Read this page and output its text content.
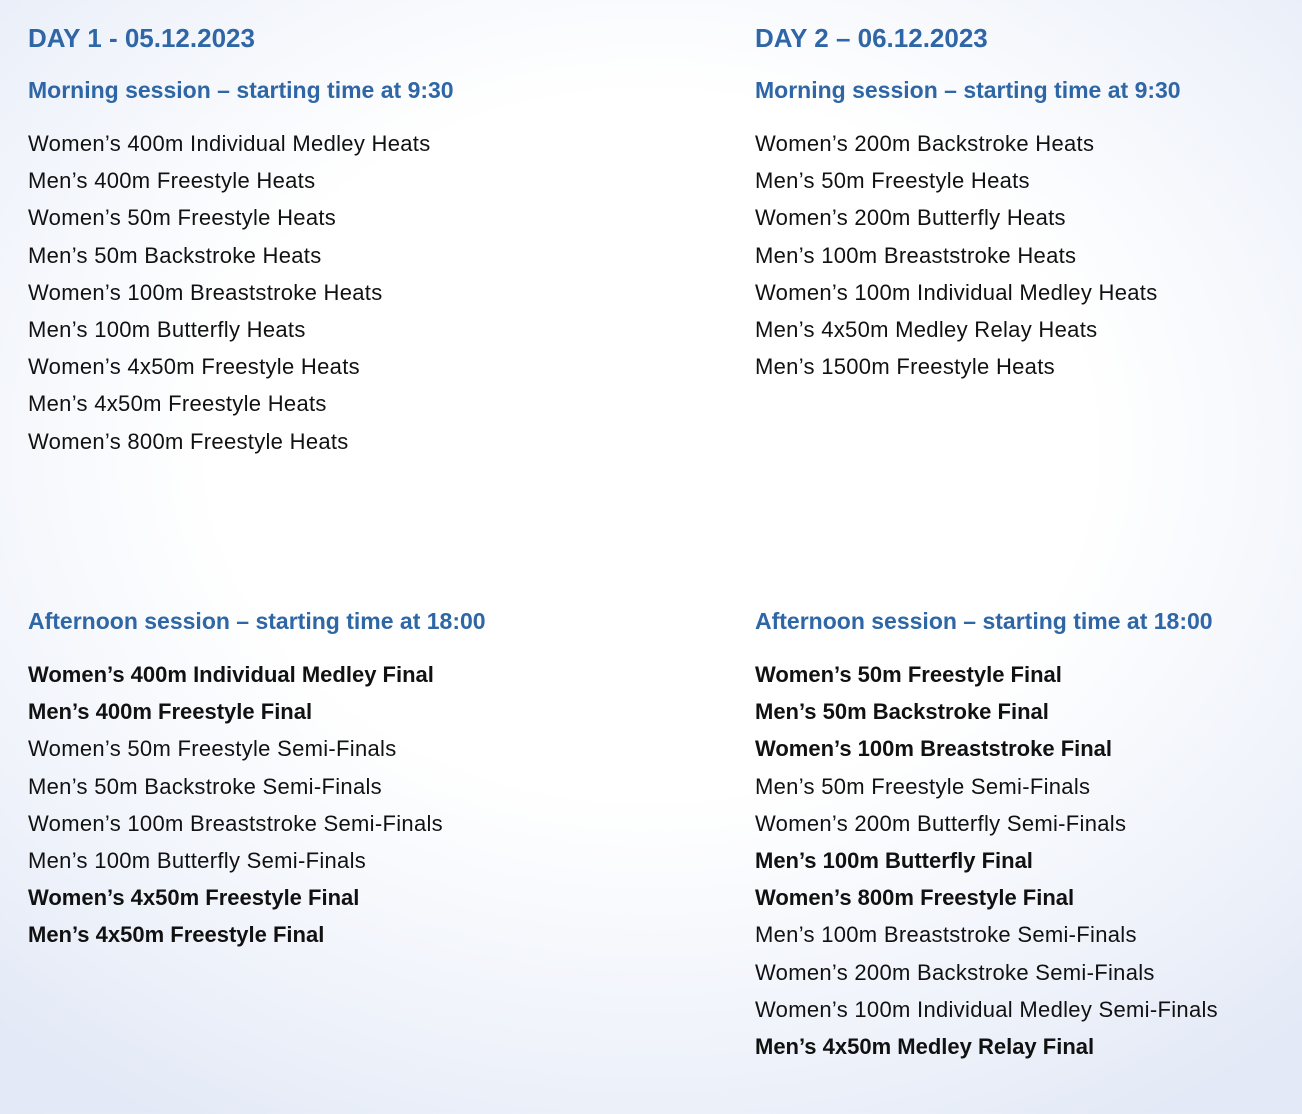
DAY 1 - 05.12.2023
Morning session – starting time at 9:30
Women’s 400m Individual Medley Heats
Men’s 400m Freestyle Heats
Women’s 50m Freestyle Heats
Men’s 50m Backstroke Heats
Women’s 100m Breaststroke Heats
Men’s 100m Butterfly Heats
Women’s 4x50m Freestyle Heats
Men’s 4x50m Freestyle Heats
Women’s 800m Freestyle Heats
Afternoon session – starting time at 18:00
Women’s 400m Individual Medley Final
Men’s 400m Freestyle Final
Women’s 50m Freestyle Semi-Finals
Men’s 50m Backstroke Semi-Finals
Women’s 100m Breaststroke Semi-Finals
Men’s 100m Butterfly Semi-Finals
Women’s 4x50m Freestyle Final
Men’s 4x50m Freestyle Final
DAY 2 – 06.12.2023
Morning session – starting time at 9:30
Women’s 200m Backstroke Heats
Men’s 50m Freestyle Heats
Women’s 200m Butterfly Heats
Men’s 100m Breaststroke Heats
Women’s 100m Individual Medley Heats
Men’s 4x50m Medley Relay Heats
Men’s 1500m Freestyle Heats
Afternoon session – starting time at 18:00
Women’s 50m Freestyle Final
Men’s 50m Backstroke Final
Women’s 100m Breaststroke Final
Men’s 50m Freestyle Semi-Finals
Women’s 200m Butterfly Semi-Finals
Men’s 100m Butterfly Final
Women’s 800m Freestyle Final
Men’s 100m Breaststroke Semi-Finals
Women’s 200m Backstroke Semi-Finals
Women’s 100m Individual Medley Semi-Finals
Men’s 4x50m Medley Relay Final
